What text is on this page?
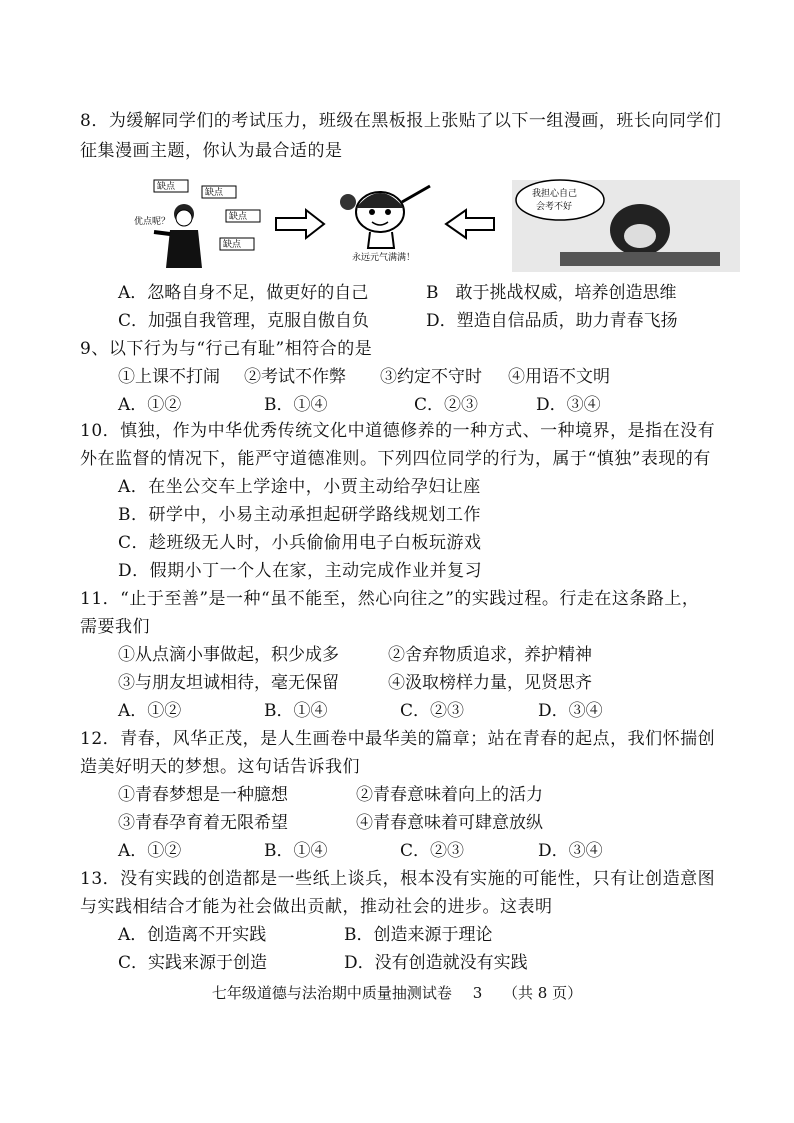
8．为缓解同学们的考试压力，班级在黑板报上张贴了以下一组漫画，班长向同学们
征集漫画主题，你认为最合适的是
缺点
缺点
缺点
缺点
优点呢？
永远元气满满！
我担心自己
会考不好
A．忽略自身不足，做更好的自己	B　敢于挑战权威，培养创造思维
C．加强自我管理，克服自傲自负	D．塑造自信品质，助力青春飞扬
9、以下行为与“行己有耻”相符合的是
①上课不打闹 ②考试不作弊 ③约定不守时 ④用语不文明
A．①②	B．①④	C．②③	D．③④
10．慎独，作为中华优秀传统文化中道德修养的一种方式、一种境界，是指在没有
外在监督的情况下，能严守道德准则。下列四位同学的行为，属于“慎独”表现的有
A．在坐公交车上学途中，小贾主动给孕妇让座
B．研学中，小易主动承担起研学路线规划工作
C．趁班级无人时，小兵偷偷用电子白板玩游戏
D．假期小丁一个人在家，主动完成作业并复习
11．“止于至善”是一种“虽不能至，然心向往之”的实践过程。行走在这条路上，
需要我们
①从点滴小事做起，积少成多	②舍弃物质追求，养护精神
③与朋友坦诚相待，毫无保留	④汲取榜样力量，见贤思齐
A．①②	B．①④	C．②③	D．③④
12．青春，风华正茂，是人生画卷中最华美的篇章；站在青春的起点，我们怀揣创
造美好明天的梦想。这句话告诉我们
①青春梦想是一种臆想	②青春意味着向上的活力
③青春孕育着无限希望	④青春意味着可肆意放纵
A．①②	B．①④	C．②③	D．③④
13．没有实践的创造都是一些纸上谈兵，根本没有实施的可能性，只有让创造意图
与实践相结合才能为社会做出贡献，推动社会的进步。这表明
A．创造离不开实践	B．创造来源于理论
C．实践来源于创造	D．没有创造就没有实践
七年级道德与法治期中质量抽测试卷 3 （共 8 页）
